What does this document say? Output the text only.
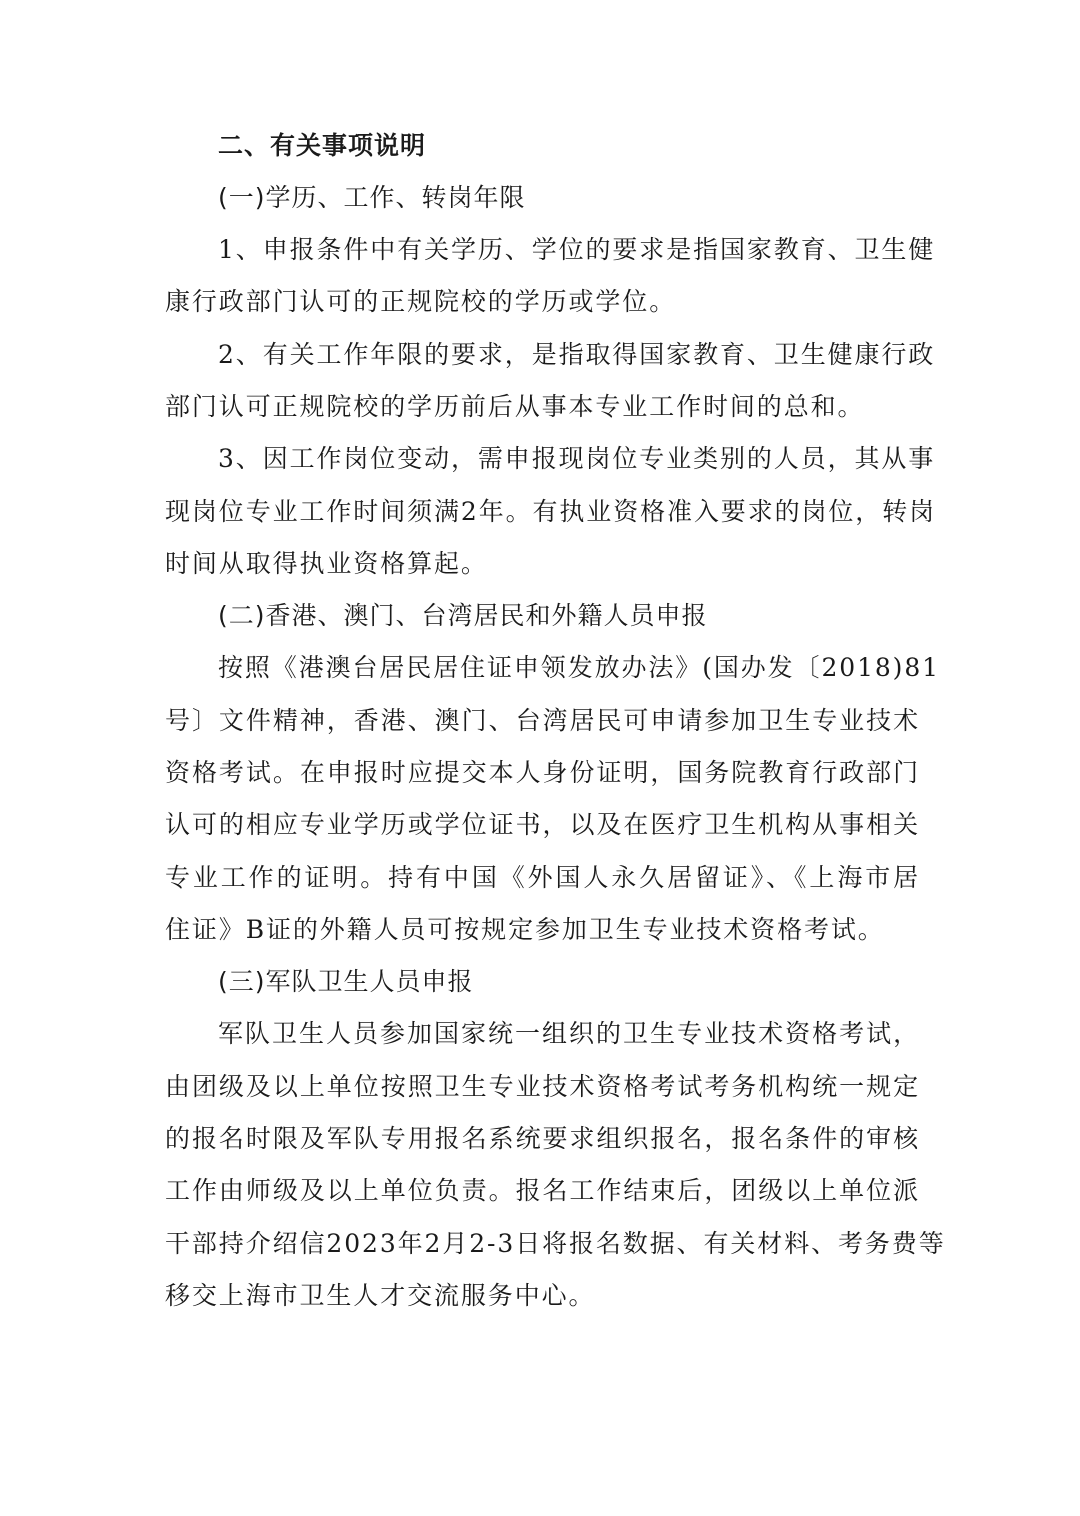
二、有关事项说明
(一)学历、工作、转岗年限
1、申报条件中有关学历、学位的要求是指国家教育、卫生健
康行政部门认可的正规院校的学历或学位。
2、有关工作年限的要求，是指取得国家教育、卫生健康行政
部门认可正规院校的学历前后从事本专业工作时间的总和。
3、因工作岗位变动，需申报现岗位专业类别的人员，其从事
现岗位专业工作时间须满2年。有执业资格准入要求的岗位，转岗
时间从取得执业资格算起。
(二)香港、澳门、台湾居民和外籍人员申报
按照《港澳台居民居住证申领发放办法》(国办发〔2018)81
号〕文件精神，香港、澳门、台湾居民可申请参加卫生专业技术
资格考试。在申报时应提交本人身份证明，国务院教育行政部门
认可的相应专业学历或学位证书，以及在医疗卫生机构从事相关
专业工作的证明。持有中国《外国人永久居留证》、《上海市居
住证》B证的外籍人员可按规定参加卫生专业技术资格考试。
(三)军队卫生人员申报
军队卫生人员参加国家统一组织的卫生专业技术资格考试，
由团级及以上单位按照卫生专业技术资格考试考务机构统一规定
的报名时限及军队专用报名系统要求组织报名，报名条件的审核
工作由师级及以上单位负责。报名工作结束后，团级以上单位派
干部持介绍信2023年2月2-3日将报名数据、有关材料、考务费等
移交上海市卫生人才交流服务中心。
